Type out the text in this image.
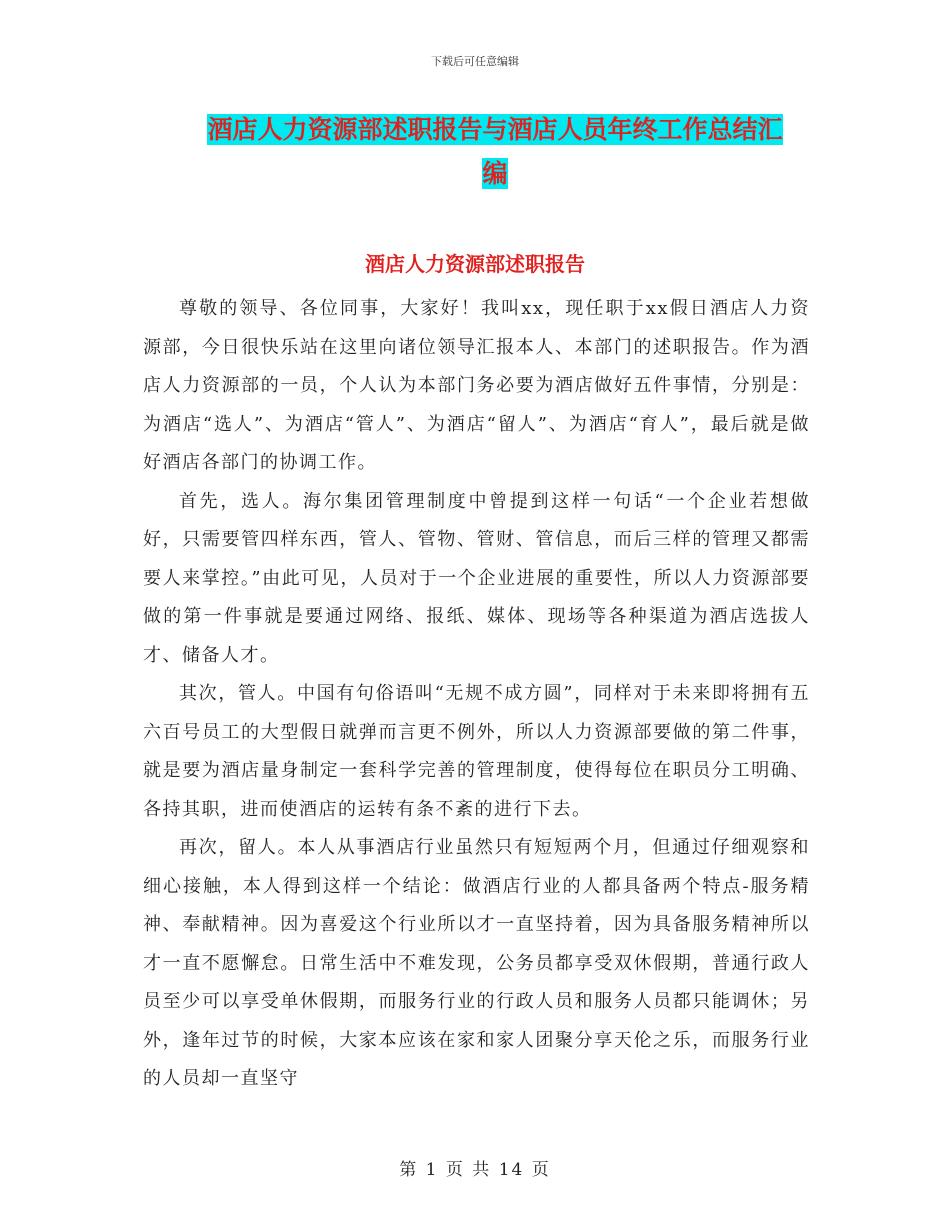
下载后可任意编辑
酒店人力资源部述职报告与酒店人员年终工作总结汇
编
酒店人力资源部述职报告

尊敬的领导、各位同事，大家好！我叫xx，现任职于xx假日酒店人力资源部，今日很快乐站在这里向诸位领导汇报本人、本部门的述职报告。作为酒店人力资源部的一员，个人认为本部门务必要为酒店做好五件事情，分别是：为酒店“选人”、为酒店“管人”、为酒店“留人”、为酒店“育人”，最后就是做好酒店各部门的协调工作。

首先，选人。海尔集团管理制度中曾提到这样一句话“一个企业若想做好，只需要管四样东西，管人、管物、管财、管信息，而后三样的管理又都需要人来掌控。”由此可见，人员对于一个企业进展的重要性，所以人力资源部要做的第一件事就是要通过网络、报纸、媒体、现场等各种渠道为酒店选拔人才、储备人才。

其次，管人。中国有句俗语叫“无规不成方圆”，同样对于未来即将拥有五六百号员工的大型假日就弹而言更不例外，所以人力资源部要做的第二件事，就是要为酒店量身制定一套科学完善的管理制度，使得每位在职员分工明确、各持其职，进而使酒店的运转有条不紊的进行下去。

再次，留人。本人从事酒店行业虽然只有短短两个月，但通过仔细观察和细心接触，本人得到这样一个结论：做酒店行业的人都具备两个特点-服务精神、奉献精神。因为喜爱这个行业所以才一直坚持着，因为具备服务精神所以才一直不愿懈怠。日常生活中不难发现，公务员都享受双休假期，普通行政人员至少可以享受单休假期，而服务行业的行政人员和服务人员都只能调休；另外，逢年过节的时候，大家本应该在家和家人团聚分享天伦之乐，而服务行业的人员却一直坚守

第 1 页 共 14 页
